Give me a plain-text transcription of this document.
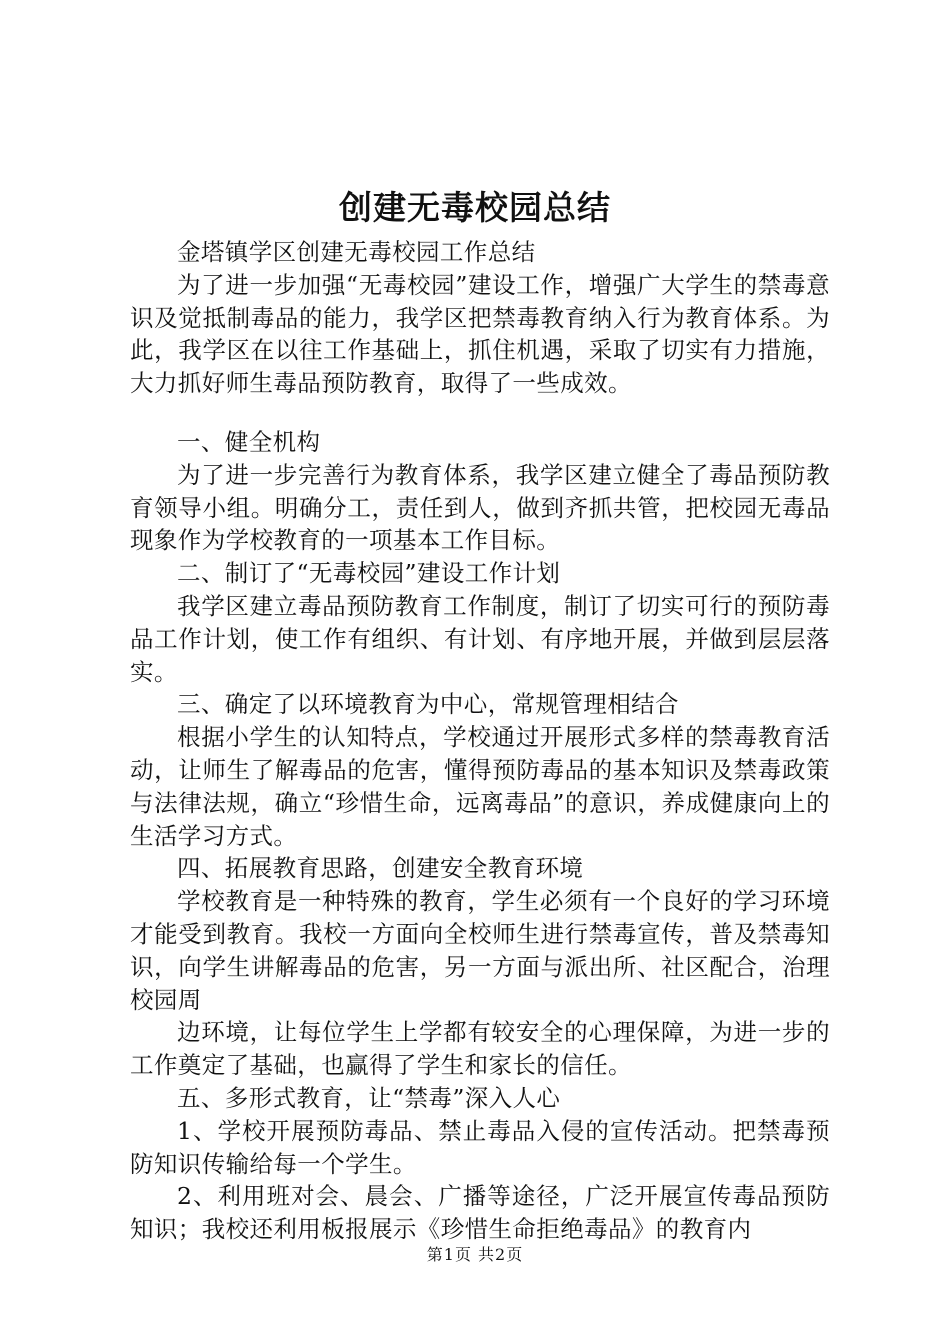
创建无毒校园总结

金塔镇学区创建无毒校园工作总结

为了进一步加强“无毒校园”建设工作，增强广大学生的禁毒意识及觉抵制毒品的能力，我学区把禁毒教育纳入行为教育体系。为此，我学区在以往工作基础上，抓住机遇，采取了切实有力措施，大力抓好师生毒品预防教育，取得了一些成效。

一、健全机构

为了进一步完善行为教育体系，我学区建立健全了毒品预防教育领导小组。明确分工，责任到人，做到齐抓共管，把校园无毒品现象作为学校教育的一项基本工作目标。

二、制订了“无毒校园”建设工作计划

我学区建立毒品预防教育工作制度，制订了切实可行的预防毒品工作计划，使工作有组织、有计划、有序地开展，并做到层层落实。

三、确定了以环境教育为中心，常规管理相结合

根据小学生的认知特点，学校通过开展形式多样的禁毒教育活动，让师生了解毒品的危害，懂得预防毒品的基本知识及禁毒政策与法律法规，确立“珍惜生命，远离毒品”的意识，养成健康向上的生活学习方式。

四、拓展教育思路，创建安全教育环境

学校教育是一种特殊的教育，学生必须有一个良好的学习环境才能受到教育。我校一方面向全校师生进行禁毒宣传，普及禁毒知识，向学生讲解毒品的危害，另一方面与派出所、社区配合，治理校园周

边环境，让每位学生上学都有较安全的心理保障，为进一步的工作奠定了基础，也赢得了学生和家长的信任。

五、多形式教育，让“禁毒”深入人心

1、学校开展预防毒品、禁止毒品入侵的宣传活动。把禁毒预防知识传输给每一个学生。

2、利用班对会、晨会、广播等途径，广泛开展宣传毒品预防知识；我校还利用板报展示《珍惜生命拒绝毒品》的教育内

第1页 共2页
